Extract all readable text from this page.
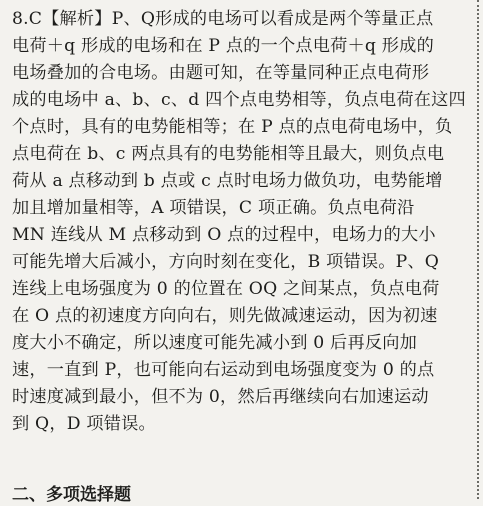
8.C【解析】P、Q形成的电场可以看成是两个等量正点
电荷＋q 形成的电场和在 P 点的一个点电荷＋q 形成的
电场叠加的合电场。由题可知，在等量同种正点电荷形
成的电场中 a、b、c、d 四个点电势相等，负点电荷在这四
个点时，具有的电势能相等；在 P 点的点电荷电场中，负
点电荷在 b、c 两点具有的电势能相等且最大，则负点电
荷从 a 点移动到 b 点或 c 点时电场力做负功，电势能增
加且增加量相等，A 项错误，C 项正确。负点电荷沿
MN 连线从 M 点移动到 O 点的过程中，电场力的大小
可能先增大后减小，方向时刻在变化，B 项错误。P、Q
连线上电场强度为 0 的位置在 OQ 之间某点，负点电荷
在 O 点的初速度方向向右，则先做减速运动，因为初速
度大小不确定，所以速度可能先减小到 0 后再反向加
速，一直到 P，也可能向右运动到电场强度变为 0 的点
时速度减到最小，但不为 0，然后再继续向右加速运动
到 Q，D 项错误。
二、多项选择题
